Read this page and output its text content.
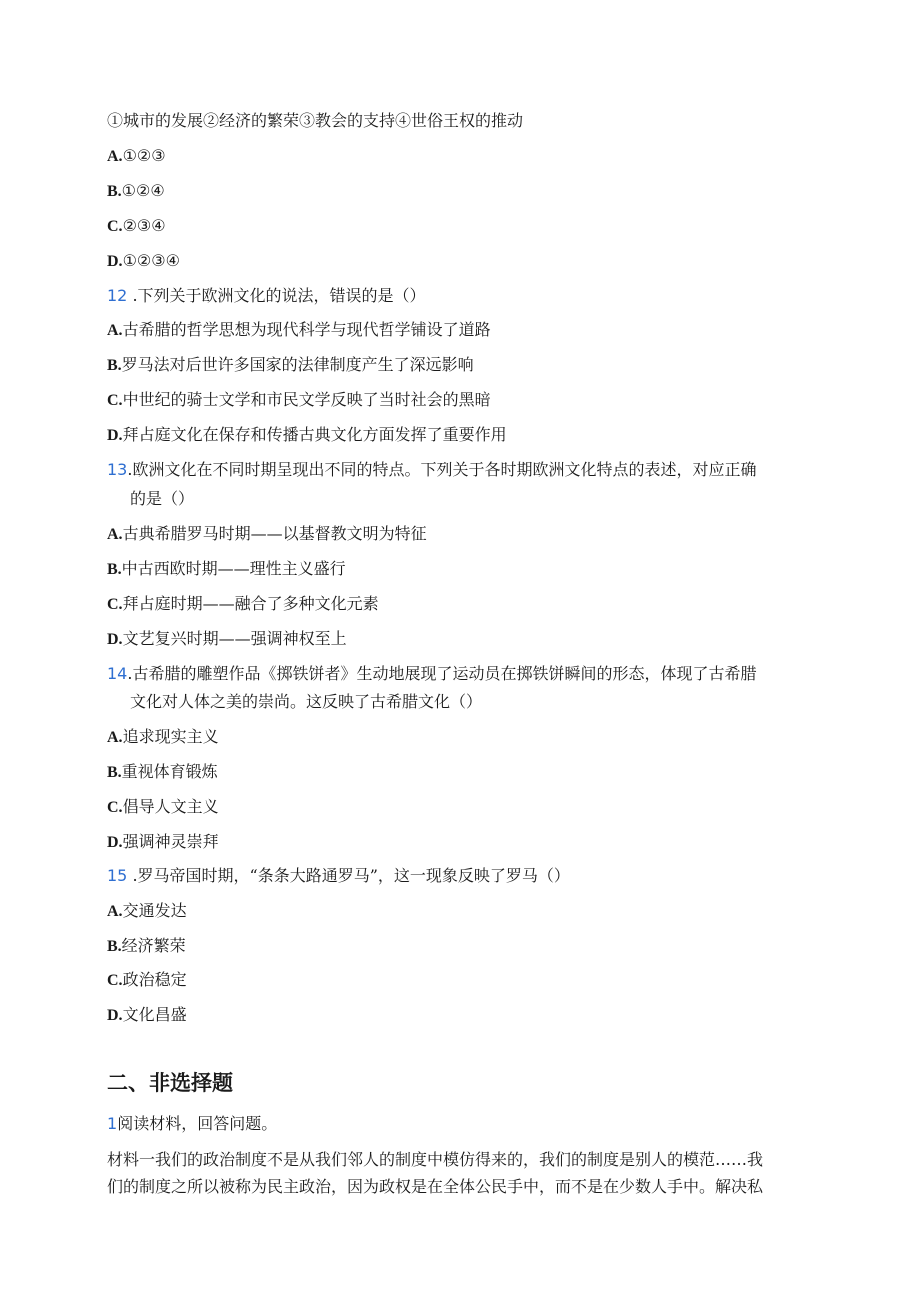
①城市的发展②经济的繁荣③教会的支持④世俗王权的推动
A.①②③
B.①②④
C.②③④
D.①②③④
12 .下列关于欧洲文化的说法，错误的是（）
A.古希腊的哲学思想为现代科学与现代哲学铺设了道路
B.罗马法对后世许多国家的法律制度产生了深远影响
C.中世纪的骑士文学和市民文学反映了当时社会的黑暗
D.拜占庭文化在保存和传播古典文化方面发挥了重要作用
13.欧洲文化在不同时期呈现出不同的特点。下列关于各时期欧洲文化特点的表述，对应正确
的是（）
A.古典希腊罗马时期——以基督教文明为特征
B.中古西欧时期——理性主义盛行
C.拜占庭时期——融合了多种文化元素
D.文艺复兴时期——强调神权至上
14.古希腊的雕塑作品《掷铁饼者》生动地展现了运动员在掷铁饼瞬间的形态，体现了古希腊
文化对人体之美的崇尚。这反映了古希腊文化（）
A.追求现实主义
B.重视体育锻炼
C.倡导人文主义
D.强调神灵崇拜
15 .罗马帝国时期，“条条大路通罗马”，这一现象反映了罗马（）
A.交通发达
B.经济繁荣
C.政治稳定
D.文化昌盛
二、非选择题
1阅读材料，回答问题。
材料一我们的政治制度不是从我们邻人的制度中模仿得来的，我们的制度是别人的模范……我
们的制度之所以被称为民主政治，因为政权是在全体公民手中，而不是在少数人手中。解决私
